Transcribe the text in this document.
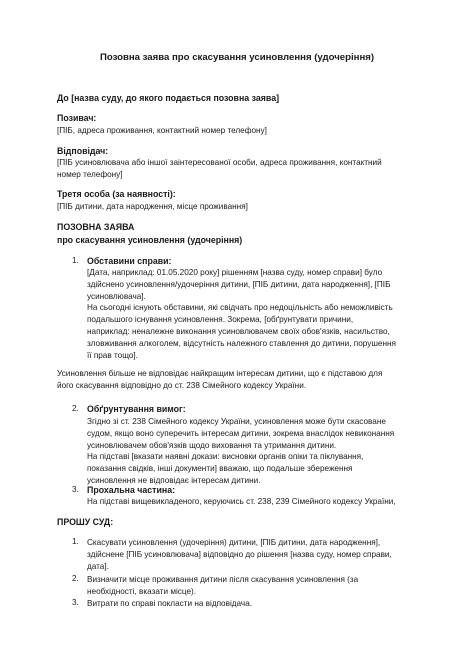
Позовна заява про скасування усиновлення (удочеріння)
До [назва суду, до якого подається позовна заява]
Позивач:
[ПІБ, адреса проживання, контактний номер телефону]
Відповідач:
[ПІБ усиновлювача або іншої заінтересованої особи, адреса проживання, контактний
номер телефону]
Третя особа (за наявності):
[ПІБ дитини, дата народження, місце проживання]
ПОЗОВНА ЗАЯВА
про скасування усиновлення (удочеріння)
1. Обставини справи:
[Дата, наприклад: 01.05.2020 року] рішенням [назва суду, номер справи] було
здійснено усиновлення/удочеріння дитини, [ПІБ дитини, дата народження], [ПІБ
усиновлювача].
На сьогодні існують обставини, які свідчать про недоцільність або неможливість
подальшого існування усиновлення. Зокрема, [обґрунтувати причини,
наприклад: неналежне виконання усиновлювачем своїх обов'язків, насильство,
зловживання алкоголем, відсутність належного ставлення до дитини, порушення
її прав тощо].
Усиновлення більше не відповідає найкращим інтересам дитини, що є підставою для
його скасування відповідно до ст. 238 Сімейного кодексу України.
2. Обґрунтування вимог:
Згідно зі ст. 238 Сімейного кодексу України, усиновлення може бути скасоване
судом, якщо воно суперечить інтересам дитини, зокрема внаслідок невиконання
усиновлювачем обов'язків щодо виховання та утримання дитини.
На підставі [вказати наявні докази: висновки органів опіки та піклування,
показання свідків, інші документи] вважаю, що подальше збереження
усиновлення не відповідає інтересам дитини.
3. Прохальна частина:
На підставі вищевикладеного, керуючись ст. 238, 239 Сімейного кодексу України,
ПРОШУ СУД:
1. Скасувати усиновлення (удочеріння) дитини, [ПІБ дитини, дата народження],
здійснене [ПІБ усиновлювача] відповідно до рішення [назва суду, номер справи,
дата].
2. Визначити місце проживання дитини після скасування усиновлення (за
необхідності, вказати місце).
3. Витрати по справі покласти на відповідача.
